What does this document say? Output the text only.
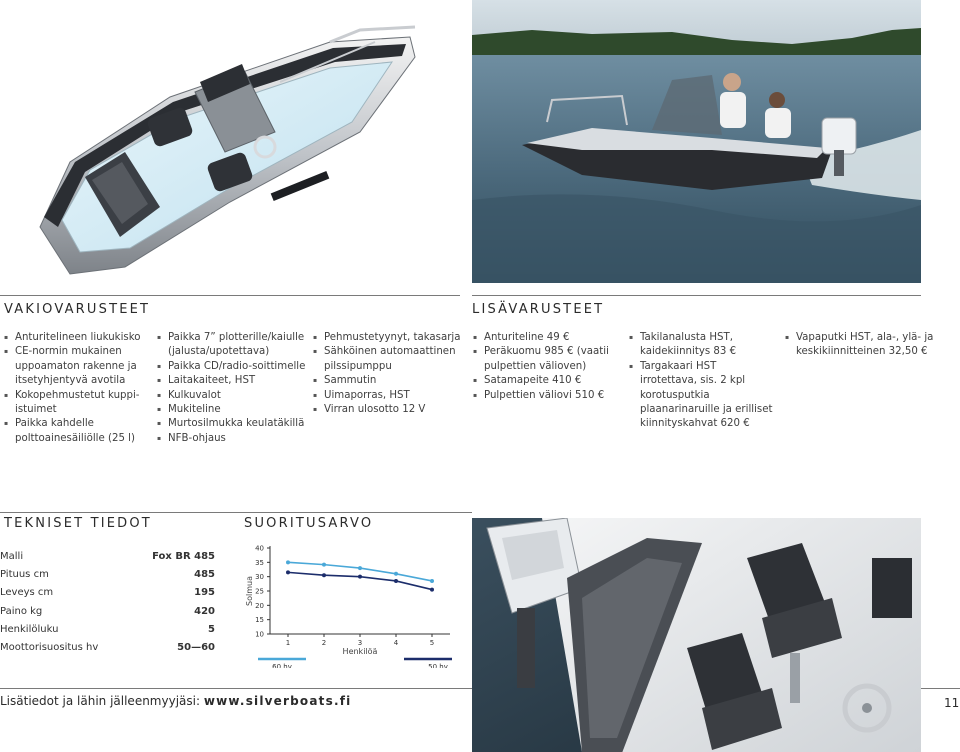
VAKIOVARUSTEET
▪ Anturitelineen liukukisko
▪ CE-normin mukainen uppoamaton rakenne ja itsetyhjentyvä avotila
▪ Kokopehmustetut kuppi-istuimet
▪ Paikka kahdelle polttoainesäiliölle (25 l)
▪ Paikka 7” plotterille/kaiulle (jalusta/upotettava)
▪ Paikka CD/radio-soittimelle
▪ Laitakaiteet, HST
▪ Kulkuvalot
▪ Mukiteline
▪ Murtosilmukka keulatäkillä
▪ NFB-ohjaus
▪ Pehmustetyynyt, takasarja
▪ Sähköinen automaattinen pilssipumppu
▪ Sammutin
▪ Uimaporras, HST
▪ Virran ulosotto 12 V
LISÄVARUSTEET
▪ Anturiteline 49 €
▪ Peräkuomu 985 € (vaatii pulpettien välioven)
▪ Satamapeite 410 €
▪ Pulpettien väliovi 510 €
▪ Takilanalusta HST, kaidekiinnitys 83 €
▪ Targakaari HST irrotettava, sis. 2 kpl korotusputkia plaanarinaruille ja erilliset kiinnityskahvat 620 €
▪ Vapaputki HST, ala-, ylä- ja keskikiinnitteinen 32,50 €
TEKNISET TIEDOT	SUORITUSARVO
Malli	Fox BR 485
Pituus cm	485
Leveys cm	195
Paino kg	420
Henkilöluku	5
Moottorisuositus hv	50—60
10
15
20
25
30
35
40
1	2	3	4	5
Solmua
Henkilöä
60 hv	50 hv
Lisätiedot ja lähin jälleenmyyjäsi: www.silverboats.fi	11
